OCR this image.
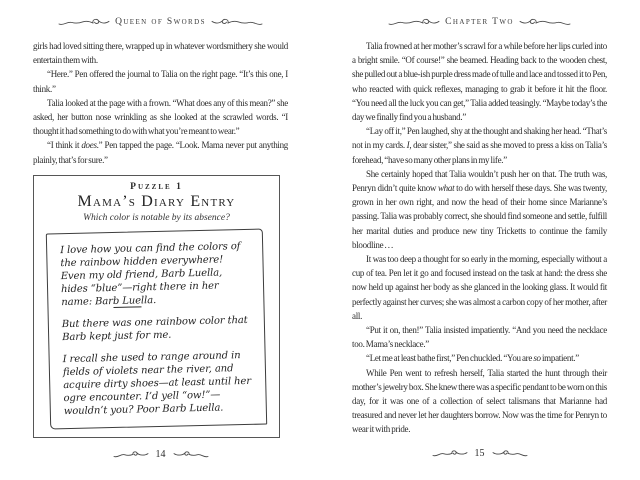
Queen of Swords

girls had loved sitting there, wrapped up in whatever wordsmithery she would entertain them with.

“Here.” Pen offered the journal to Talia on the right page. “It’s this one, I think.”

Talia looked at the page with a frown. “What does any of this mean?” she asked, her button nose wrinkling as she looked at the scrawled words. “I thought it had something to do with what you’re meant to wear.”

“I think it does.” Pen tapped the page. “Look. Mama never put anything plainly, that’s for sure.”

Puzzle 1
Mama’s Diary Entry
Which color is notable by its absence?

I love how you can find the colors of the rainbow hidden everywhere! Even my old friend, Barb Luella, hides “blue”—right there in her name: Barb Luella.

But there was one rainbow color that Barb kept just for me.

I recall she used to range around in fields of violets near the river, and acquire dirty shoes—at least until her ogre encounter. I’d yell “ow!”—wouldn’t you? Poor Barb Luella.

14
Chapter Two

Talia frowned at her mother’s scrawl for a while before her lips curled into a bright smile. “Of course!” she beamed. Heading back to the wooden chest, she pulled out a blue-ish purple dress made of tulle and lace and tossed it to Pen, who reacted with quick reflexes, managing to grab it before it hit the floor. “You need all the luck you can get,” Talia added teasingly. “Maybe today’s the day we finally find you a husband.”

“Lay off it,” Pen laughed, shy at the thought and shaking her head. “That’s not in my cards. I, dear sister,” she said as she moved to press a kiss on Talia’s forehead, “have so many other plans in my life.”

She certainly hoped that Talia wouldn’t push her on that. The truth was, Penryn didn’t quite know what to do with herself these days. She was twenty, grown in her own right, and now the head of their home since Marianne’s passing. Talia was probably correct, she should find someone and settle, fulfill her marital duties and produce new tiny Tricketts to continue the family bloodline . . .

It was too deep a thought for so early in the morning, especially without a cup of tea. Pen let it go and focused instead on the task at hand: the dress she now held up against her body as she glanced in the looking glass. It would fit perfectly against her curves; she was almost a carbon copy of her mother, after all.

“Put it on, then!” Talia insisted impatiently. “And you need the necklace too. Mama’s necklace.”

“Let me at least bathe first,” Pen chuckled. “You are so impatient.”

While Pen went to refresh herself, Talia started the hunt through their mother’s jewelry box. She knew there was a specific pendant to be worn on this day, for it was one of a collection of select talismans that Marianne had treasured and never let her daughters borrow. Now was the time for Penryn to wear it with pride.

15
